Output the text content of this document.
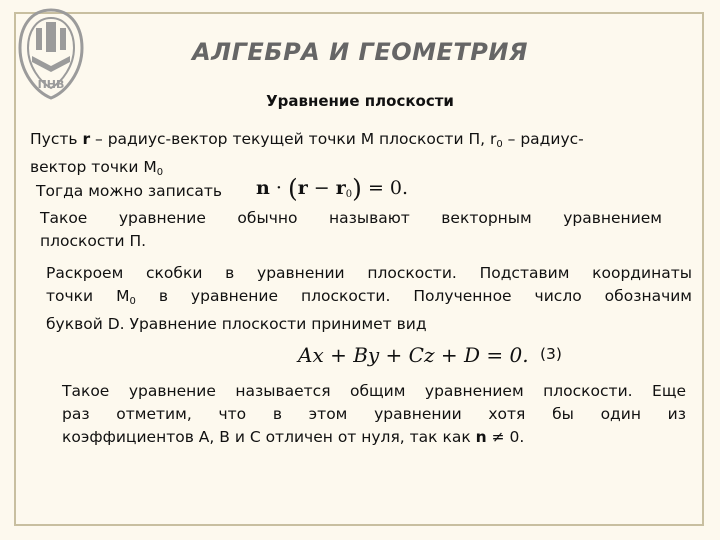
ПНВ
АЛГЕБРА И ГЕОМЕТРИЯ
Уравнение плоскости
Пусть r – радиус-вектор текущей точки М плоскости П, $r_0$ – радиус-
вектор точки $М_0$
Тогда можно записать $n \cdot (r - r_0) = 0$.
Такое уравнение обычно называют векторным уравнением
плоскости П.
Раскроем скобки в уравнении плоскости. Подставим координаты
точки $М_0$ в уравнение плоскости. Полученное число обозначим
буквой D. Уравнение плоскости принимет вид
Ax + By + Cz + D = 0. (3)
Такое уравнение называется общим уравнением плоскости. Еще
раз отметим, что в этом уравнении хотя бы один из
коэффициентов А, В и С отличен от нуля, так как n ≠ 0.
